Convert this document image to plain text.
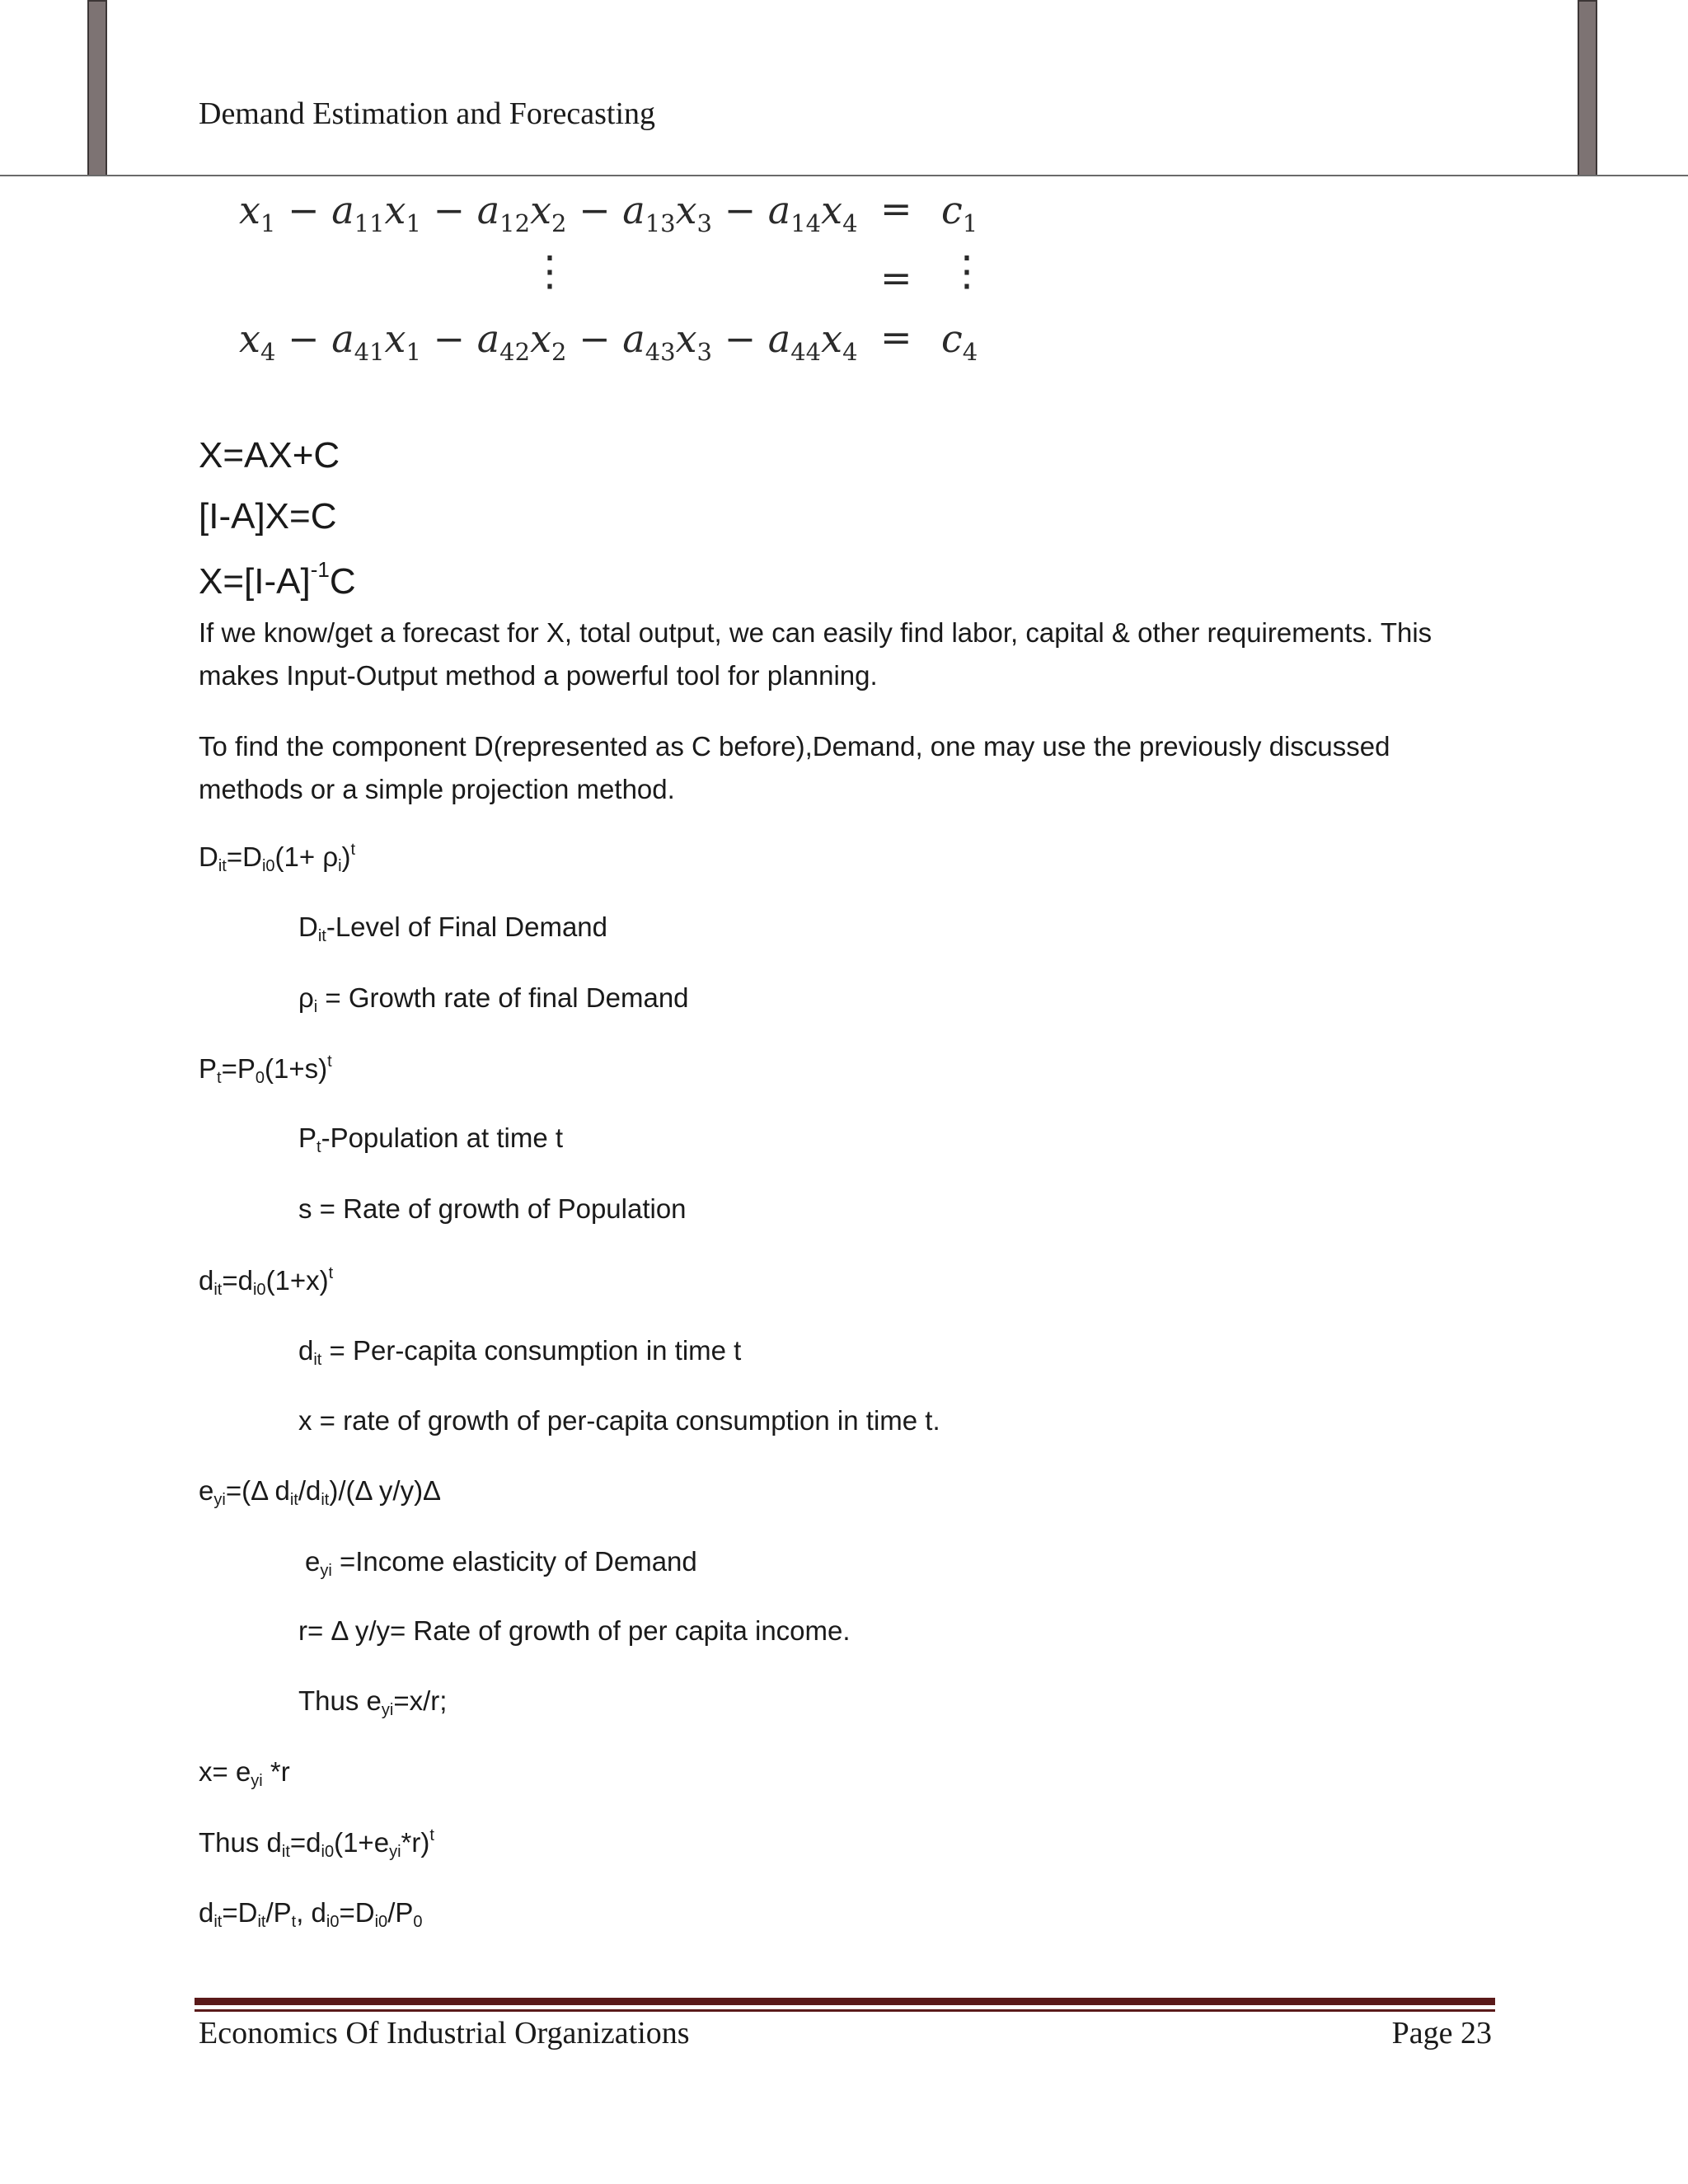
Demand Estimation and Forecasting
$x_1 - a_{11}x_1 - a_{12}x_2 - a_{13}x_3 - a_{14}x_4 = c_1$
⋮	= ⋮
$x_4 - a_{41}x_1 - a_{42}x_2 - a_{43}x_3 - a_{44}x_4 = c_4$
X=AX+C
[I-A]X=C
$X=[I-A]^{-1}C$
If we know/get a forecast for X, total output, we can easily find labor, capital & other requirements. This makes Input-Output method a powerful tool for planning.
To find the component D(represented as C before),Demand, one may use the previously discussed methods or a simple projection method.
$D_{it}=D_{i0}(1+ \rho_i)^t$
$D_{it}$-Level of Final Demand
$\rho_i$ = Growth rate of final Demand
$P_t=P_0(1+s)^t$
$P_t$-Population at time t
s = Rate of growth of Population
$d_{it}=d_{i0}(1+x)^t$
$d_{it}$ = Per-capita consumption in time t
x = rate of growth of per-capita consumption in time t.
$e_{yi}=(\Delta$ $d_{it}/d_{it})/(\Delta$ y/y)Δ
$e_{yi}$ =Income elasticity of Demand
r= Δ y/y= Rate of growth of per capita income.
Thus $e_{yi}=x/r$;
$x= e_{yi}$ *r
Thus $d_{it}=d_{i0}(1+e_{yi}*r)^t$
$d_{it}=D_{it}/P_t$, $d_{i0}=D_{i0}/P_0$
Economics Of Industrial Organizations	Page 23
